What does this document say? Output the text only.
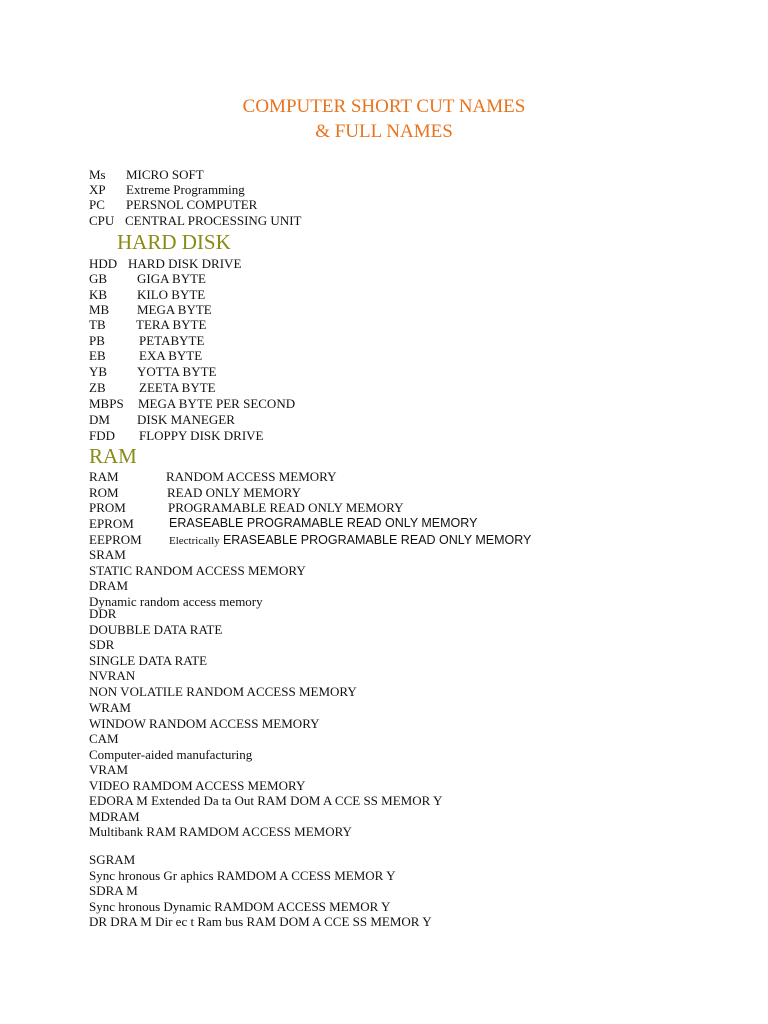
COMPUTER SHORT CUT NAMES
& FULL NAMES
Ms MICRO SOFT
XP Extreme Programming
PC PERSNOL COMPUTER
CPU CENTRAL PROCESSING UNIT
HARD DISK
HDD HARD DISK DRIVE
GB GIGA BYTE
KB KILO BYTE
MB MEGA BYTE
TB TERA BYTE
PB	PETABYTE
EB	EXA BYTE
YB YOTTA BYTE
ZB	ZEETA BYTE
MBPS MEGA BYTE PER SECOND
DM DISK MANEGER
FDD FLOPPY DISK DRIVE
RAM
RAM	RANDOM ACCESS MEMORY
ROM	READ ONLY MEMORY
PROM	PROGRAMABLE READ ONLY MEMORY
EPROM	ERASEABLE PROGRAMABLE READ ONLY MEMORY
EEPROM Electrically ERASEABLE PROGRAMABLE READ ONLY MEMORY
SRAM
STATIC RANDOM ACCESS MEMORY
DRAM
Dynamic random access memory
DDR
DOUBBLE DATA RATE
SDR
SINGLE DATA RATE
NVRAN
NON VOLATILE RANDOM ACCESS MEMORY
WRAM
WINDOW RANDOM ACCESS MEMORY
CAM
Computer-aided manufacturing
VRAM
VIDEO RAMDOM ACCESS MEMORY
EDORA M Extended Da ta Out RAM DOM A CCE SS MEMOR Y
MDRAM
Multibank RAM RAMDOM ACCESS MEMORY
SGRAM
Sync hronous Gr aphics RAMDOM A CCESS MEMOR Y
SDRA M
Sync hronous Dynamic RAMDOM ACCESS MEMOR Y
DR DRA M Dir ec t Ram bus RAM DOM A CCE SS MEMOR Y
